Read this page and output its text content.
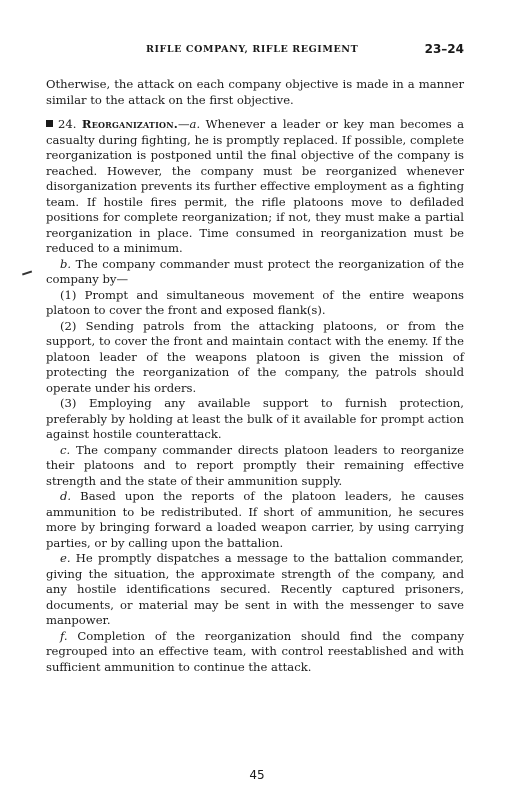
RIFLE COMPANY, RIFLE REGIMENT	23–24

Otherwise, the attack on each company objective is made in a manner similar to the attack on the first objective.

24. Reorganization.—a. Whenever a leader or key man becomes a casualty during fighting, he is promptly replaced. If possible, complete reorganization is postponed until the final objective of the company is reached. However, the company must be reorganized whenever disorganization prevents its further effective employment as a fighting team. If hostile fires permit, the rifle platoons move to defiladed positions for complete reorganization; if not, they must make a partial reorganization in place. Time consumed in reorganization must be reduced to a minimum.

b. The company commander must protect the reorganization of the company by—

(1) Prompt and simultaneous movement of the entire weapons platoon to cover the front and exposed flank(s).

(2) Sending patrols from the attacking platoons, or from the support, to cover the front and maintain contact with the enemy. If the platoon leader of the weapons platoon is given the mission of protecting the reorganization of the company, the patrols should operate under his orders.

(3) Employing any available support to furnish protection, preferably by holding at least the bulk of it available for prompt action against hostile counterattack.

c. The company commander directs platoon leaders to reorganize their platoons and to report promptly their remaining effective strength and the state of their ammunition supply.

d. Based upon the reports of the platoon leaders, he causes ammunition to be redistributed. If short of ammunition, he secures more by bringing forward a loaded weapon carrier, by using carrying parties, or by calling upon the battalion.

e. He promptly dispatches a message to the battalion commander, giving the situation, the approximate strength of the company, and any hostile identifications secured. Recently captured prisoners, documents, or material may be sent in with the messenger to save manpower.

f. Completion of the reorganization should find the company regrouped into an effective team, with control reestablished and with sufficient ammunition to continue the attack.

45
